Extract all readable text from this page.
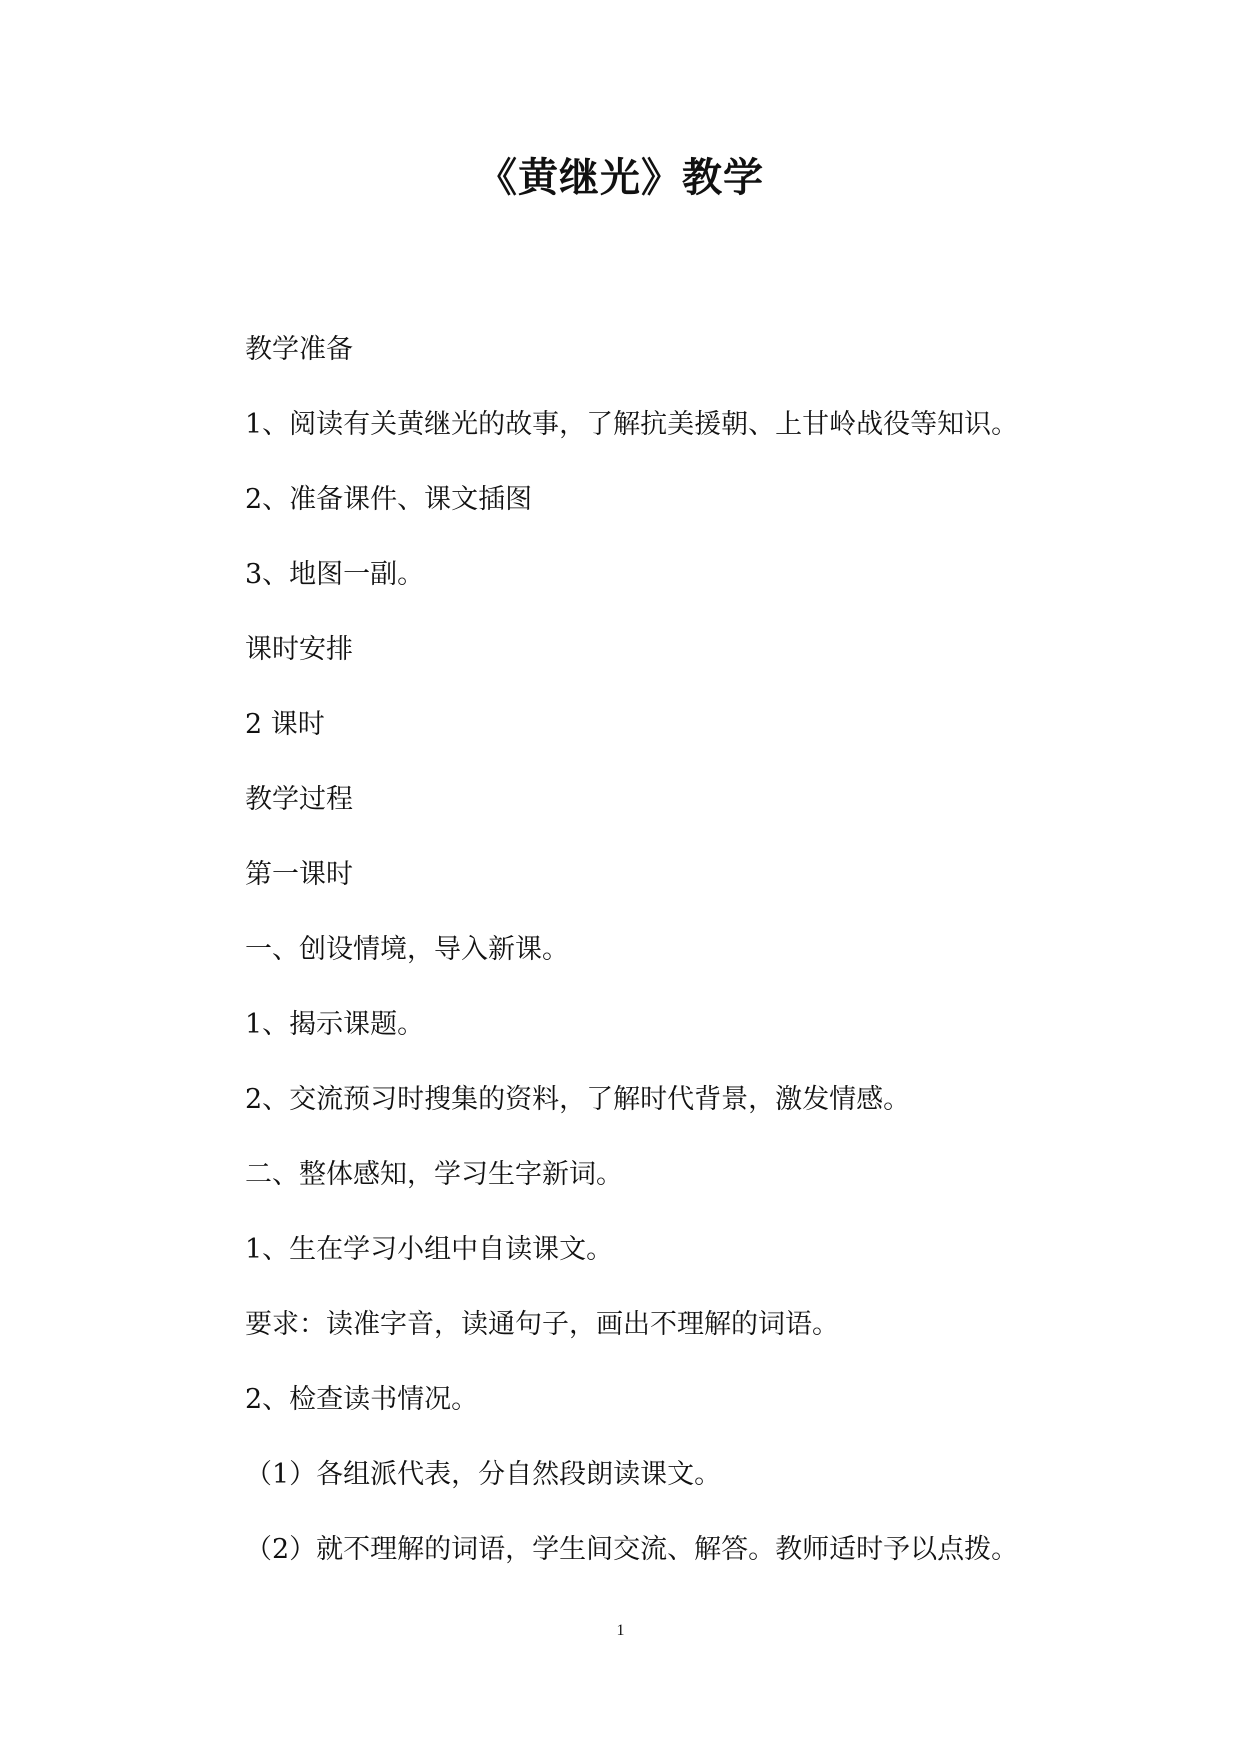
《黄继光》教学

教学准备

1、阅读有关黄继光的故事，了解抗美援朝、上甘岭战役等知识。

2、准备课件、课文插图

3、地图一副。

课时安排

2 课时

教学过程

第一课时

一、创设情境，导入新课。

1、揭示课题。

2、交流预习时搜集的资料，了解时代背景，激发情感。

二、整体感知，学习生字新词。

1、生在学习小组中自读课文。

要求：读准字音，读通句子，画出不理解的词语。

2、检查读书情况。

（1）各组派代表，分自然段朗读课文。

（2）就不理解的词语，学生间交流、解答。教师适时予以点拨。

1
